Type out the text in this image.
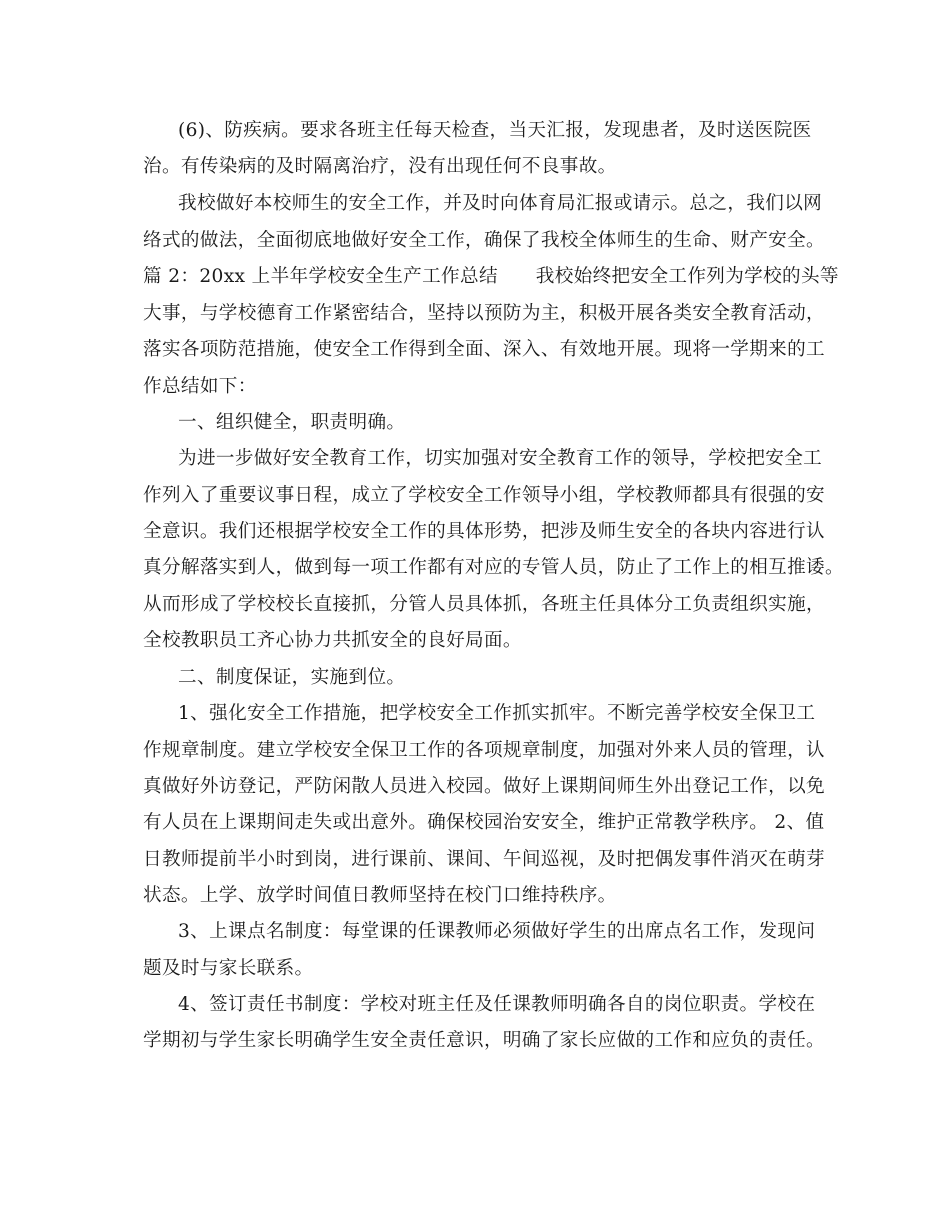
(6)、防疾病。要求各班主任每天检查，当天汇报，发现患者，及时送医院医
治。有传染病的及时隔离治疗，没有出现任何不良事故。
我校做好本校师生的安全工作，并及时向体育局汇报或请示。总之，我们以网
络式的做法，全面彻底地做好安全工作，确保了我校全体师生的生命、财产安全。
篇 2：20xx 上半年学校安全生产工作总结　　我校始终把安全工作列为学校的头等
大事，与学校德育工作紧密结合，坚持以预防为主，积极开展各类安全教育活动，
落实各项防范措施，使安全工作得到全面、深入、有效地开展。现将一学期来的工
作总结如下：
一、组织健全，职责明确。
为进一步做好安全教育工作，切实加强对安全教育工作的领导，学校把安全工
作列入了重要议事日程，成立了学校安全工作领导小组，学校教师都具有很强的安
全意识。我们还根据学校安全工作的具体形势，把涉及师生安全的各块内容进行认
真分解落实到人，做到每一项工作都有对应的专管人员，防止了工作上的相互推诿。
从而形成了学校校长直接抓，分管人员具体抓，各班主任具体分工负责组织实施，
全校教职员工齐心协力共抓安全的良好局面。
二、制度保证，实施到位。
1、强化安全工作措施，把学校安全工作抓实抓牢。不断完善学校安全保卫工
作规章制度。建立学校安全保卫工作的各项规章制度，加强对外来人员的管理，认
真做好外访登记，严防闲散人员进入校园。做好上课期间师生外出登记工作，以免
有人员在上课期间走失或出意外。确保校园治安安全，维护正常教学秩序。 2、值
日教师提前半小时到岗，进行课前、课间、午间巡视，及时把偶发事件消灭在萌芽
状态。上学、放学时间值日教师坚持在校门口维持秩序。
3、上课点名制度：每堂课的任课教师必须做好学生的出席点名工作，发现问
题及时与家长联系。
4、签订责任书制度：学校对班主任及任课教师明确各自的岗位职责。学校在
学期初与学生家长明确学生安全责任意识，明确了家长应做的工作和应负的责任。
